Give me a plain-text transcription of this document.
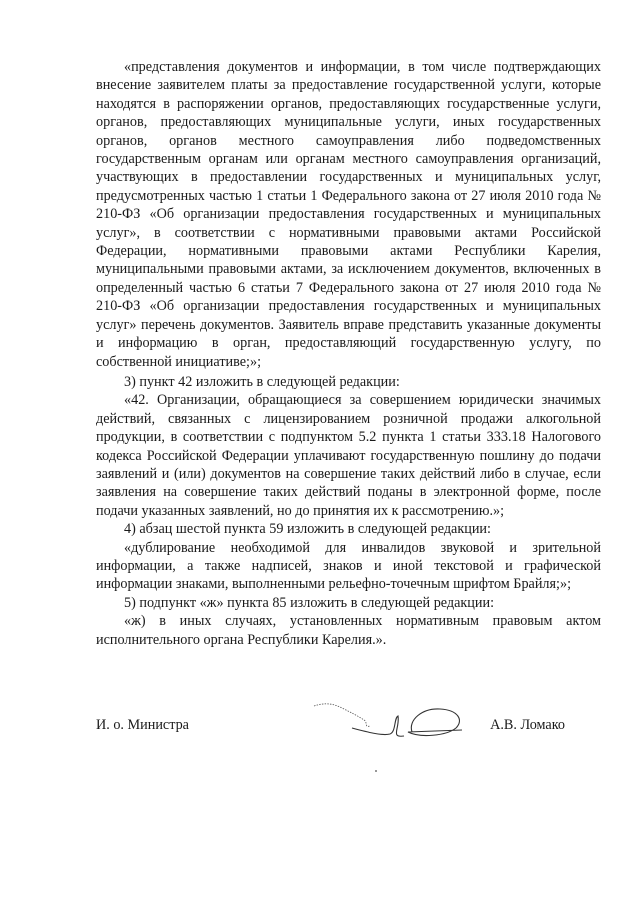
«представления документов и информации, в том числе подтверждающих внесение заявителем платы за предоставление государственной услуги, которые находятся в распоряжении органов, предоставляющих государственные услуги, органов, предоставляющих муниципальные услуги, иных государственных органов, органов местного самоуправления либо подведомственных государственным органам или органам местного самоуправления организаций, участвующих в предоставлении государственных и муниципальных услуг, предусмотренных частью 1 статьи 1 Федерального закона от 27 июля 2010 года № 210-ФЗ «Об организации предоставления государственных и муниципальных услуг», в соответствии с нормативными правовыми актами Российской Федерации, нормативными правовыми актами Республики Карелия, муниципальными правовыми актами, за исключением документов, включенных в определенный частью 6 статьи 7 Федерального закона от 27 июля 2010 года № 210-ФЗ «Об организации предоставления государственных и муниципальных услуг» перечень документов. Заявитель вправе представить указанные документы и информацию в орган, предоставляющий государственную услугу, по собственной инициативе;»;

3) пункт 42 изложить в следующей редакции:

«42. Организации, обращающиеся за совершением юридически значимых действий, связанных с лицензированием розничной продажи алкогольной продукции, в соответствии с подпунктом 5.2 пункта 1 статьи 333.18 Налогового кодекса Российской Федерации уплачивают государственную пошлину до подачи заявлений и (или) документов на совершение таких действий либо в случае, если заявления на совершение таких действий поданы в электронной форме, после подачи указанных заявлений, но до принятия их к рассмотрению.»;

4) абзац шестой пункта 59 изложить в следующей редакции:

«дублирование необходимой для инвалидов звуковой и зрительной информации, а также надписей, знаков и иной текстовой и графической информации знаками, выполненными рельефно-точечным шрифтом Брайля;»;

5) подпункт «ж» пункта 85 изложить в следующей редакции:

«ж) в иных случаях, установленных нормативным правовым актом исполнительного органа Республики Карелия.».

И. о. Министра	А.В. Ломако
